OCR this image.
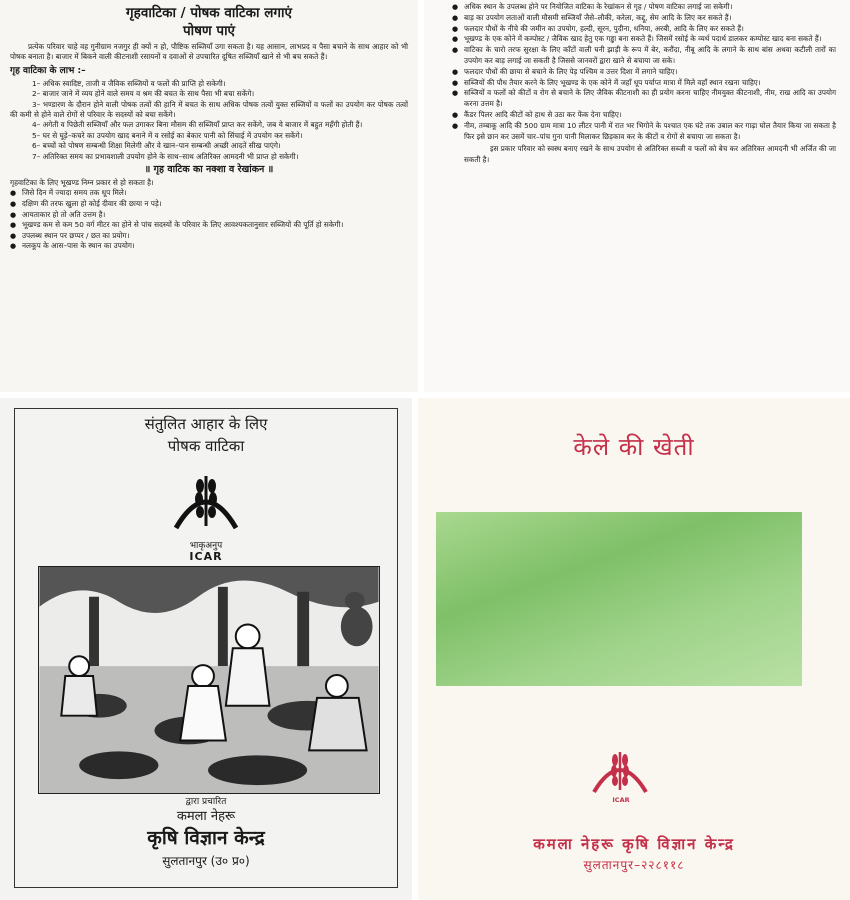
गृहवाटिका / पोषक वाटिका लगाएं
पोषण पाएं

प्रत्येक परिवार चाहे वह गुनीग्राम नजगुर ही क्यों न हो, पौष्टिक सब्जियाँ उगा सकता है। यह आसान, लाभप्रद व पैसा बचाने के साथ आहार को भी पोषक बनाता है। बाजार में बिकने वाली कीटनाशी रसायनों व दवाओं से उपचारित दूषित सब्जियाँ खाने से भी बच सकते हैं।

गृह वाटिका के लाभ :–

1– अधिक स्वादिष्ट, ताजी व जैविक सब्जियों व फलों की प्राप्ति हो सकेगी।

2– बाजार जाने में व्यय होने वाले समय व श्रम की बचत के साथ पैसा भी बचा सकेंगे।

3– भण्डारण के दौरान होने वाली पोषक तत्वों की हानि में बचत के साथ अधिक पोषक तत्वों युक्त सब्जियों व फलों का उपयोग कर पोषक तत्वों की कमी से होने वाले रोगों से परिवार के सदस्यों को बचा सकेंगे।

4– अगेती व पिछेती सब्जियाँ और फल उगाकर बिना मौसम की सब्जियाँ प्राप्त कर सकेंगे, जब ये बाजार में बहुत महँगी होती हैं।

5– घर से घूड़े–कचरे का उपयोग खाद बनाने में व रसोई का बेकार पानी को सिंचाई में उपयोग कर सकेंगे।

6– बच्चों को पोषण सम्बन्धी शिक्षा मिलेगी और वे खान–पान सम्बन्धी अच्छी आदतें सीख पाएंगे।

7– अतिरिक्त समय का प्रभावशाली उपयोग होने के साथ–साथ अतिरिक्त आमदनी भी प्राप्त हो सकेगी।

॥ गृह वाटिक का नक्शा व रेखांकन ॥

गृहवाटिका के लिए भूखण्ड निम्न प्रकार से हो सकता है।

● जिसे दिन में ज्यादा समय तक धूप मिले।
● दक्षिण की तरफ खुला हो कोई दीवार की छाया न पड़े।
● आयताकार हो तो अति उत्तम है।
● भूखण्ड कम से कम 50 वर्ग मीटर का होने से पांच सदस्यों के परिवार के लिए आवश्यकतानुसार सब्जियों की पूर्ति हो सकेगी।
● उपलब्ध स्थान पर छप्पर / छत का प्रयोग।
● नलकूप के आस–पास के स्थान का उपयोग।
● अधिक स्थान के उपलब्ध होने पर नियोजित वाटिका के रेखांकन से गृह / पोषण वाटिका लगाई जा सकेगी।
● बाड़ का उपयोग लताओं वाली मौसमी सब्जियाँ जैसे–लौकी, करेला, कद्दू, सेम आदि के लिए कर सकते हैं।
● फलदार पौधों के नीचे की जमीन का उपयोग, हल्दी, सूरन, पुदीना, धनिया, अरबी, आदि के लिए कर सकते हैं।
● भूखण्ड के एक कोने में कम्पोस्ट / जैविक खाद हेतु एक गड्ढा बना सकते हैं। जिसमें रसोई के व्यर्थ पदार्थ डालकर कम्पोस्ट खाद बना सकते हैं।
● वाटिका के चारो तरफ सुरक्षा के लिए काँटों वाली घनी झाड़ी के रूप में बेर, करौंदा, नीबू आदि के लगाने के साथ बांस अथवा कटीली तारों का उपयोग कर बाड़ लगाई जा सकती है जिससे जानवरों द्वारा खाने से बचाया जा सके।
● फलदार पौधों की छाया से बचाने के लिए पेड़ पश्चिम व उत्तर दिशा में लगाने चाहिए।
● सब्जियों की पौध तैयार करने के लिए भूखण्ड के एक कोने में जहाँ धूप पर्याप्त मात्रा में मिले वहाँ स्थान रखना चाहिए।
● सब्जियों व फलों को कीटों व रोग से बचाने के लिए जैविक कीटनाशी का ही प्रयोग करना चाहिए नीमयुक्त कीटनाशी, नीम, राख आदि का उपयोग करना उत्तम है।
● कैंडर पिलर आदि कीटों को हाथ से उठा कर फेंक देना चाहिए।
● नीम, तम्बाकू आदि की 500 ग्राम मात्रा 10 लीटर पानी में रात भर भिगोने के पश्चात एक घंटे तक उबाल कर गाढ़ा घोल तैयार किया जा सकता है फिर इसे छान कर उसमें चार–पांच गुना पानी मिलाकर छिड़काव कर के कीटों व रोगों से बचाया जा सकता है।

इस प्रकार परिवार को स्वस्थ बनाए रखने के साथ उपयोग से अतिरिक्त सब्जी व फलों को बेच कर अतिरिक्त आमदनी भी अर्जित की जा सकती है।

संतुलित आहार के लिए
पोषक वाटिका
भाकृअनुप
ICAR
द्वारा प्रचारित
कमला नेहरू
कृषि विज्ञान केन्द्र
सुलतानपुर (उ० प्र०)
केले की खेती
ICAR
कमला नेहरू कृषि विज्ञान केन्द्र
सुलतानपुर–२२८११८
